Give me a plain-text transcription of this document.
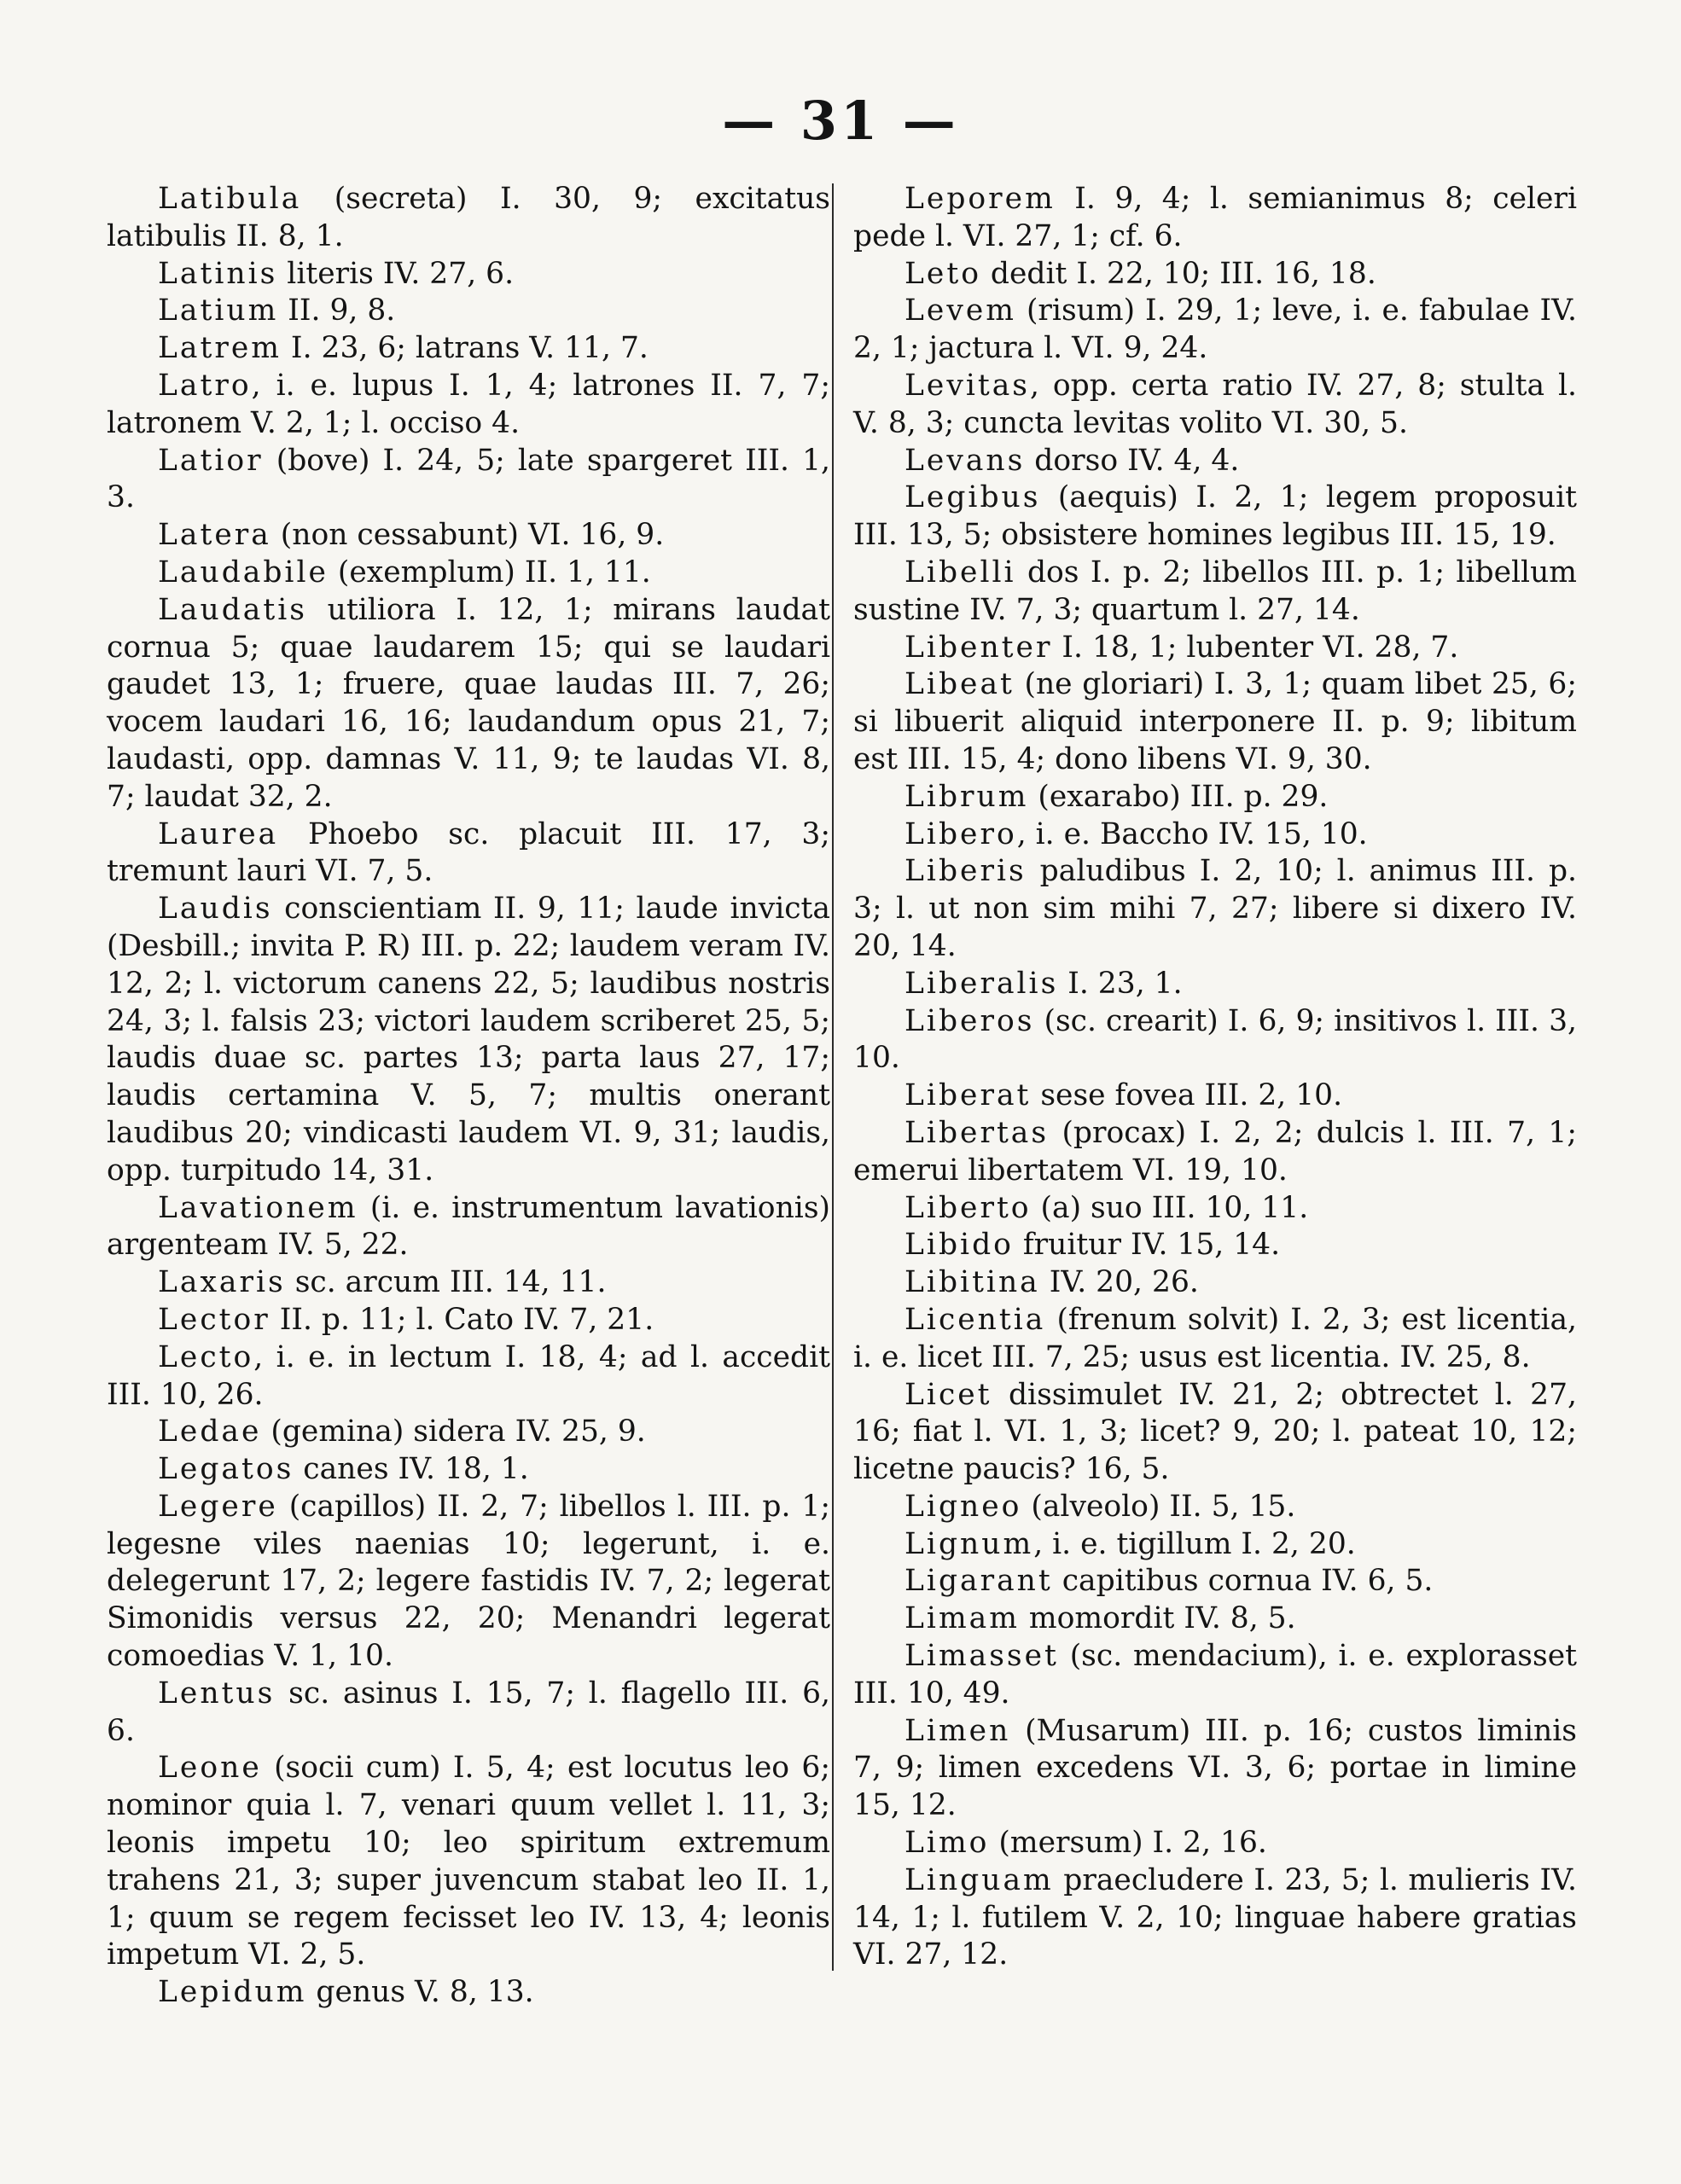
— 31 —

Latibula (secreta) I. 30, 9; excitatus latibulis II. 8, 1.

Latinis literis IV. 27, 6.

Latium II. 9, 8.

Latrem I. 23, 6; latrans V. 11, 7.

Latro, i. e. lupus I. 1, 4; latrones II. 7, 7; latronem V. 2, 1; l. occiso 4.

Latior (bove) I. 24, 5; late spargeret III. 1, 3.

Latera (non cessabunt) VI. 16, 9.

Laudabile (exemplum) II. 1, 11.

Laudatis utiliora I. 12, 1; mirans laudat cornua 5; quae laudarem 15; qui se laudari gaudet 13, 1; fruere, quae laudas III. 7, 26; vocem laudari 16, 16; laudandum opus 21, 7; laudasti, opp. damnas V. 11, 9; te laudas VI. 8, 7; laudat 32, 2.

Laurea Phoebo sc. placuit III. 17, 3; tremunt lauri VI. 7, 5.

Laudis conscientiam II. 9, 11; laude invicta (Desbill.; invita P. R) III. p. 22; laudem veram IV. 12, 2; l. victorum canens 22, 5; laudibus nostris 24, 3; l. falsis 23; victori laudem scriberet 25, 5; laudis duae sc. partes 13; parta laus 27, 17; laudis certamina V. 5, 7; multis onerant laudibus 20; vindicasti laudem VI. 9, 31; laudis, opp. turpitudo 14, 31.

Lavationem (i. e. instrumentum lavationis) argenteam IV. 5, 22.

Laxaris sc. arcum III. 14, 11.

Lector II. p. 11; l. Cato IV. 7, 21.

Lecto, i. e. in lectum I. 18, 4; ad l. accedit III. 10, 26.

Ledae (gemina) sidera IV. 25, 9.

Legatos canes IV. 18, 1.

Legere (capillos) II. 2, 7; libellos l. III. p. 1; legesne viles naenias 10; legerunt, i. e. delegerunt 17, 2; legere fastidis IV. 7, 2; legerat Simonidis versus 22, 20; Menandri legerat comoedias V. 1, 10.

Lentus sc. asinus I. 15, 7; l. flagello III. 6, 6.

Leone (socii cum) I. 5, 4; est locutus leo 6; nominor quia l. 7, venari quum vellet l. 11, 3; leonis impetu 10; leo spiritum extremum trahens 21, 3; super juvencum stabat leo II. 1, 1; quum se regem fecisset leo IV. 13, 4; leonis impetum VI. 2, 5.

Lepidum genus V. 8, 13.

Leporem I. 9, 4; l. semianimus 8; celeri pede l. VI. 27, 1; cf. 6.

Leto dedit I. 22, 10; III. 16, 18.

Levem (risum) I. 29, 1; leve, i. e. fabulae IV. 2, 1; jactura l. VI. 9, 24.

Levitas, opp. certa ratio IV. 27, 8; stulta l. V. 8, 3; cuncta levitas volito VI. 30, 5.

Levans dorso IV. 4, 4.

Legibus (aequis) I. 2, 1; legem proposuit III. 13, 5; obsistere homines legibus III. 15, 19.

Libelli dos I. p. 2; libellos III. p. 1; libellum sustine IV. 7, 3; quartum l. 27, 14.

Libenter I. 18, 1; lubenter VI. 28, 7.

Libeat (ne gloriari) I. 3, 1; quam libet 25, 6; si libuerit aliquid interponere II. p. 9; libitum est III. 15, 4; dono libens VI. 9, 30.

Librum (exarabo) III. p. 29.

Libero, i. e. Baccho IV. 15, 10.

Liberis paludibus I. 2, 10; l. animus III. p. 3; l. ut non sim mihi 7, 27; libere si dixero IV. 20, 14.

Liberalis I. 23, 1.

Liberos (sc. crearit) I. 6, 9; insitivos l. III. 3, 10.

Liberat sese fovea III. 2, 10.

Libertas (procax) I. 2, 2; dulcis l. III. 7, 1; emerui libertatem VI. 19, 10.

Liberto (a) suo III. 10, 11.

Libido fruitur IV. 15, 14.

Libitina IV. 20, 26.

Licentia (frenum solvit) I. 2, 3; est licentia, i. e. licet III. 7, 25; usus est licentia. IV. 25, 8.

Licet dissimulet IV. 21, 2; obtrectet l. 27, 16; fiat l. VI. 1, 3; licet? 9, 20; l. pateat 10, 12; licetne paucis? 16, 5.

Ligneo (alveolo) II. 5, 15.

Lignum, i. e. tigillum I. 2, 20.

Ligarant capitibus cornua IV. 6, 5.

Limam momordit IV. 8, 5.

Limasset (sc. mendacium), i. e. explorasset III. 10, 49.

Limen (Musarum) III. p. 16; custos liminis 7, 9; limen excedens VI. 3, 6; portae in limine 15, 12.

Limo (mersum) I. 2, 16.

Linguam praecludere I. 23, 5; l. mulieris IV. 14, 1; l. futilem V. 2, 10; linguae habere gratias VI. 27, 12.
